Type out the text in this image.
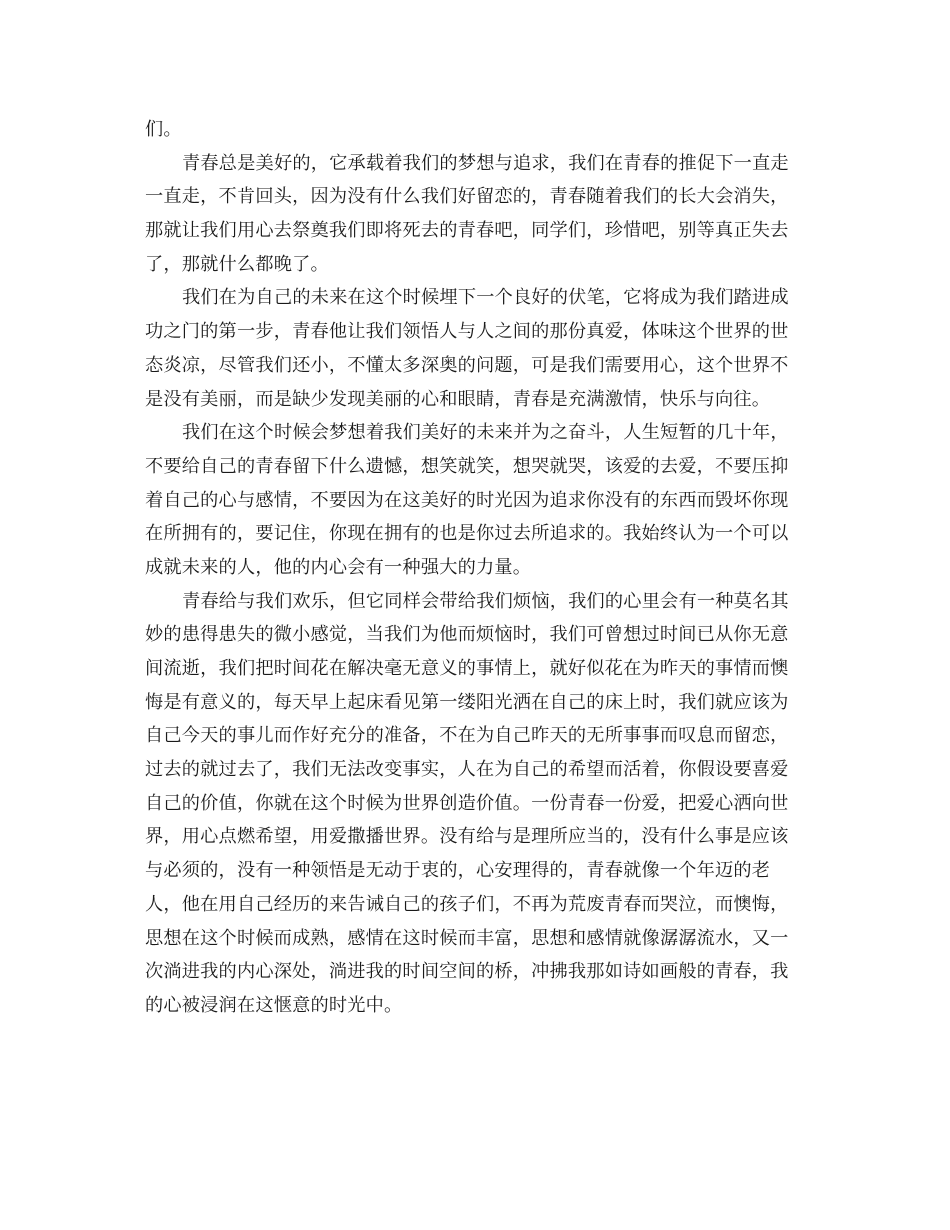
们。
青春总是美好的，它承载着我们的梦想与追求，我们在青春的推促下一直走
一直走，不肯回头，因为没有什么我们好留恋的，青春随着我们的长大会消失，
那就让我们用心去祭奠我们即将死去的青春吧，同学们，珍惜吧，别等真正失去
了，那就什么都晚了。
我们在为自己的未来在这个时候埋下一个良好的伏笔，它将成为我们踏进成
功之门的第一步，青春他让我们领悟人与人之间的那份真爱，体味这个世界的世
态炎凉，尽管我们还小，不懂太多深奥的问题，可是我们需要用心，这个世界不
是没有美丽，而是缺少发现美丽的心和眼睛，青春是充满激情，快乐与向往。
我们在这个时候会梦想着我们美好的未来并为之奋斗，人生短暂的几十年，
不要给自己的青春留下什么遗憾，想笑就笑，想哭就哭，该爱的去爱，不要压抑
着自己的心与感情，不要因为在这美好的时光因为追求你没有的东西而毁坏你现
在所拥有的，要记住，你现在拥有的也是你过去所追求的。我始终认为一个可以
成就未来的人，他的内心会有一种强大的力量。
青春给与我们欢乐，但它同样会带给我们烦恼，我们的心里会有一种莫名其
妙的患得患失的微小感觉，当我们为他而烦恼时，我们可曾想过时间已从你无意
间流逝，我们把时间花在解决毫无意义的事情上，就好似花在为昨天的事情而懊
悔是有意义的，每天早上起床看见第一缕阳光洒在自己的床上时，我们就应该为
自己今天的事儿而作好充分的准备，不在为自己昨天的无所事事而叹息而留恋，
过去的就过去了，我们无法改变事实，人在为自己的希望而活着，你假设要喜爱
自己的价值，你就在这个时候为世界创造价值。一份青春一份爱，把爱心洒向世
界，用心点燃希望，用爱撒播世界。没有给与是理所应当的，没有什么事是应该
与必须的，没有一种领悟是无动于衷的，心安理得的，青春就像一个年迈的老
人，他在用自己经历的来告诫自己的孩子们，不再为荒废青春而哭泣，而懊悔，
思想在这个时候而成熟，感情在这时候而丰富，思想和感情就像潺潺流水，又一
次淌进我的内心深处，淌进我的时间空间的桥，冲拂我那如诗如画般的青春，我
的心被浸润在这惬意的时光中。
